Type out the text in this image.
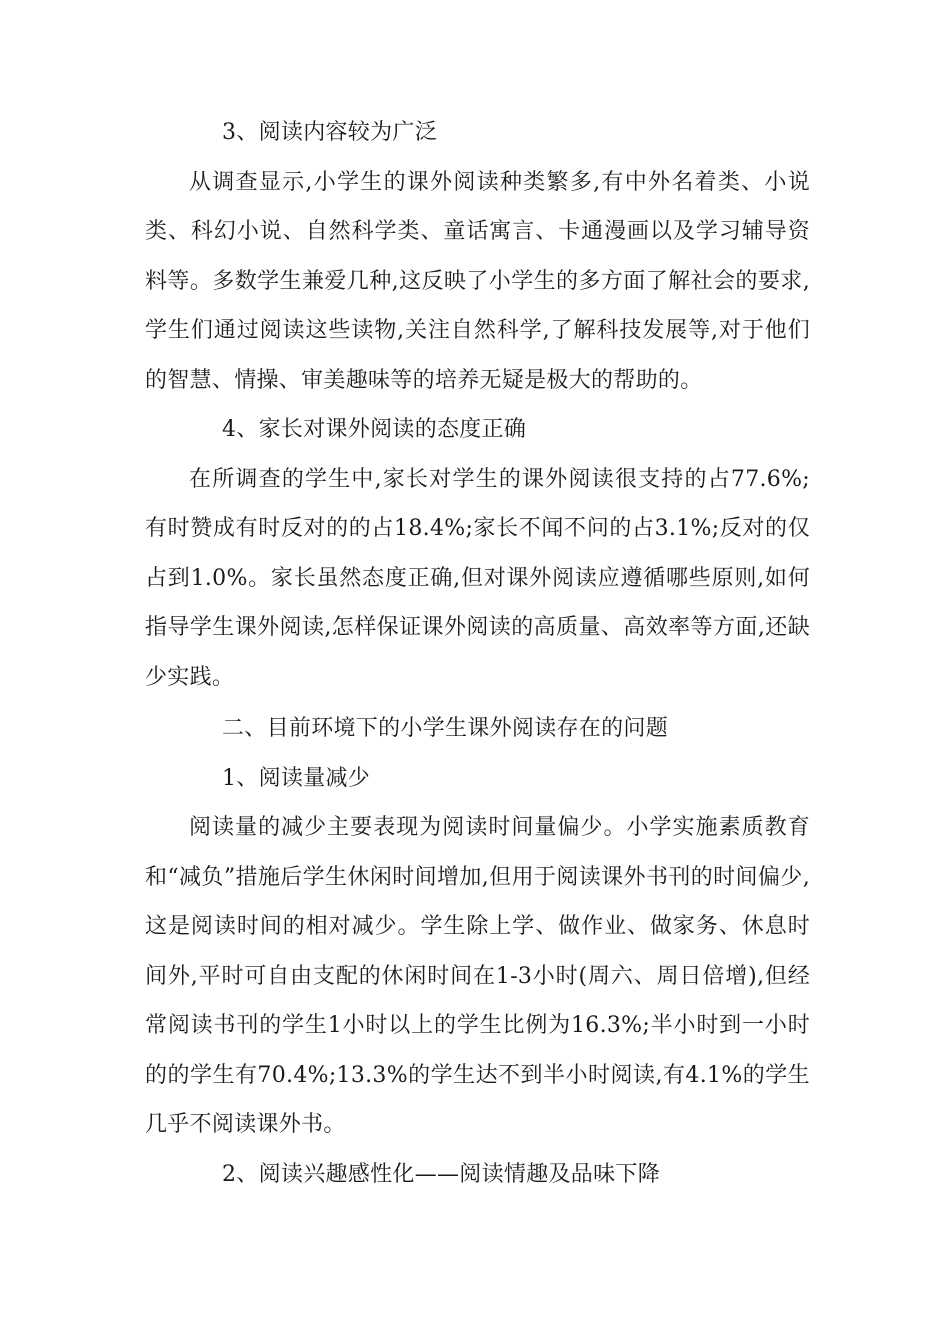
3、阅读内容较为广泛

从调查显示,小学生的课外阅读种类繁多,有中外名着类、小说类、科幻小说、自然科学类、童话寓言、卡通漫画以及学习辅导资料等。多数学生兼爱几种,这反映了小学生的多方面了解社会的要求,学生们通过阅读这些读物,关注自然科学,了解科技发展等,对于他们的智慧、情操、审美趣味等的培养无疑是极大的帮助的。

4、家长对课外阅读的态度正确

在所调查的学生中,家长对学生的课外阅读很支持的占77.6%;有时赞成有时反对的的占18.4%;家长不闻不问的占3.1%;反对的仅占到1.0%。家长虽然态度正确,但对课外阅读应遵循哪些原则,如何指导学生课外阅读,怎样保证课外阅读的高质量、高效率等方面,还缺少实践。

二、目前环境下的小学生课外阅读存在的问题

1、阅读量减少

阅读量的减少主要表现为阅读时间量偏少。小学实施素质教育和“减负”措施后学生休闲时间增加,但用于阅读课外书刊的时间偏少,这是阅读时间的相对减少。学生除上学、做作业、做家务、休息时间外,平时可自由支配的休闲时间在1-3小时(周六、周日倍增),但经常阅读书刊的学生1小时以上的学生比例为16.3%;半小时到一小时的的学生有70.4%;13.3%的学生达不到半小时阅读,有4.1%的学生几乎不阅读课外书。

2、阅读兴趣感性化——阅读情趣及品味下降
